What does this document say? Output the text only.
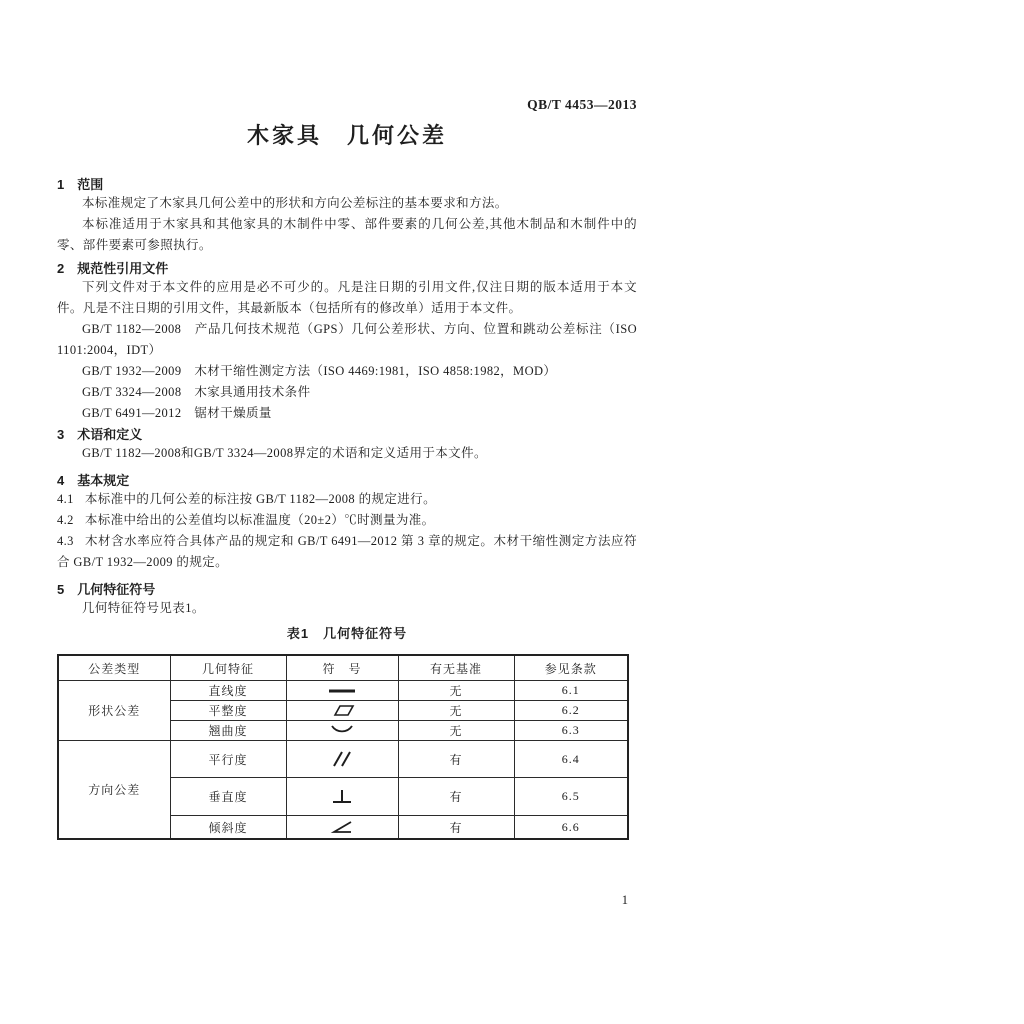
QB/T 4453—2013
木家具　几何公差
1 范围

本标准规定了木家具几何公差中的形状和方向公差标注的基本要求和方法。

本标准适用于木家具和其他家具的木制件中零、部件要素的几何公差,其他木制品和木制件中的零、部件要素可参照执行。

2 规范性引用文件

下列文件对于本文件的应用是必不可少的。凡是注日期的引用文件,仅注日期的版本适用于本文件。凡是不注日期的引用文件，其最新版本（包括所有的修改单）适用于本文件。

GB/T 1182—2008　产品几何技术规范（GPS）几何公差形状、方向、位置和跳动公差标注（ISO 1101:2004，IDT）

GB/T 1932—2009　木材干缩性测定方法（ISO 4469:1981，ISO 4858:1982，MOD）

GB/T 3324—2008　木家具通用技术条件

GB/T 6491—2012　锯材干燥质量

3 术语和定义

GB/T 1182—2008和GB/T 3324—2008界定的术语和定义适用于本文件。

4 基本规定

4.1 本标准中的几何公差的标注按 GB/T 1182—2008 的规定进行。

4.2 本标准中给出的公差值均以标准温度（20±2）℃时测量为准。

4.3 木材含水率应符合具体产品的规定和 GB/T 6491—2012 第 3 章的规定。木材干缩性测定方法应符合 GB/T 1932—2009 的规定。

5 几何特征符号

几何特征符号见表1。

表1　几何特征符号
公差类型	几何特征	符　号	有无基准	参见条款
形状公差	直线度		无	6.1
	平整度		无	6.2
	翘曲度		无	6.3
方向公差	平行度		有	6.4
	垂直度		有	6.5
	倾斜度		有	6.6
1
